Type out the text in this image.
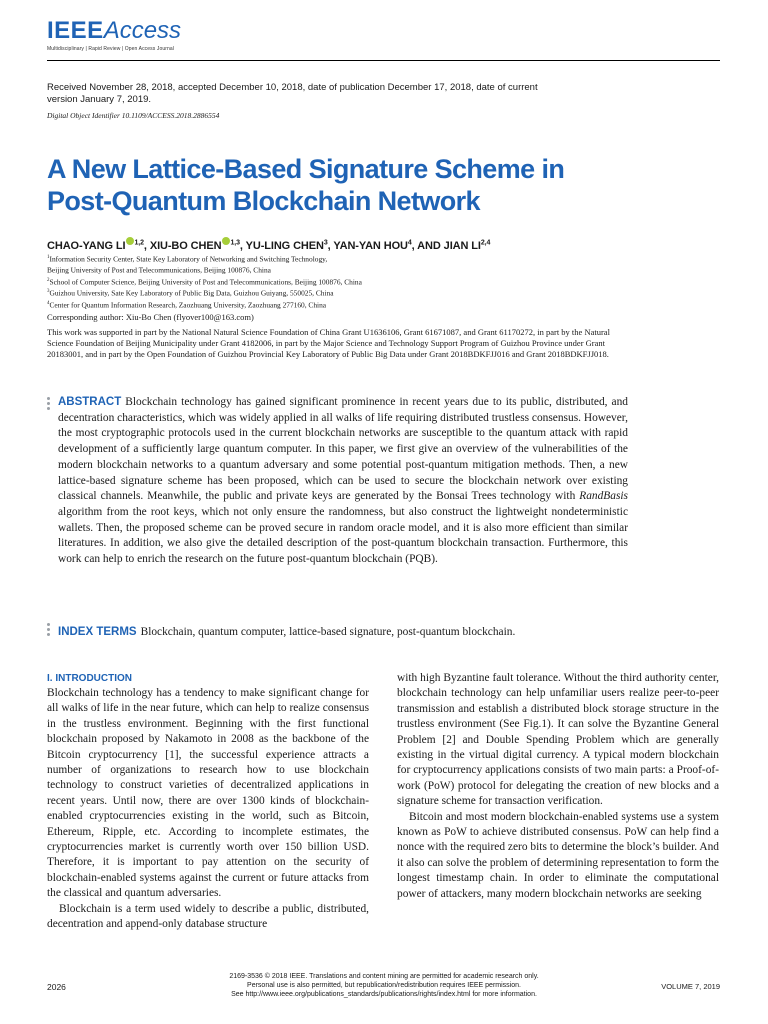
IEEEAccess
Multidisciplinary | Rapid Review | Open Access Journal
Received November 28, 2018, accepted December 10, 2018, date of publication December 17, 2018, date of current version January 7, 2019.
Digital Object Identifier 10.1109/ACCESS.2018.2886554
A New Lattice-Based Signature Scheme in
Post-Quantum Blockchain Network
CHAO-YANG LI $^{1,2}$, XIU-BO CHEN $^{1,3}$, YU-LING CHEN$^3$, YAN-YAN HOU$^4$, AND JIAN LI$^{2,4}$
$^1$Information Security Center, State Key Laboratory of Networking and Switching Technology,
Beijing University of Post and Telecommunications, Beijing 100876, China
$^2$School of Computer Science, Beijing University of Post and Telecommunications, Beijing 100876, China
$^3$Guizhou University, Sate Key Laboratory of Public Big Data, Guizhou Guiyang, 550025, China
$^4$Center for Quantum Information Research, Zaozhuang University, Zaozhuang 277160, China
Corresponding author: Xiu-Bo Chen (flyover100@163.com)
This work was supported in part by the National Natural Science Foundation of China Grant U1636106, Grant 61671087, and Grant 61170272, in part by the Natural Science Foundation of Beijing Municipality under Grant 4182006, in part by the Major Science and Technology Support Program of Guizhou Province under Grant 20183001, and in part by the Open Foundation of Guizhou Provincial Key Laboratory of Public Big Data under Grant 2018BDKFJJ016 and Grant 2018BDKFJJ018.
ABSTRACT Blockchain technology has gained significant prominence in recent years due to its public, distributed, and decentration characteristics, which was widely applied in all walks of life requiring distributed trustless consensus. However, the most cryptographic protocols used in the current blockchain networks are susceptible to the quantum attack with rapid development of a sufficiently large quantum computer. In this paper, we first give an overview of the vulnerabilities of the modern blockchain networks to a quantum adversary and some potential post-quantum mitigation methods. Then, a new lattice-based signature scheme has been proposed, which can be used to secure the blockchain network over existing classical channels. Meanwhile, the public and private keys are generated by the Bonsai Trees technology with RandBasis algorithm from the root keys, which not only ensure the randomness, but also construct the lightweight nondeterministic wallets. Then, the proposed scheme can be proved secure in random oracle model, and it is also more efficient than similar literatures. In addition, we also give the detailed description of the post-quantum blockchain transaction. Furthermore, this work can help to enrich the research on the future post-quantum blockchain (PQB).
INDEX TERMS Blockchain, quantum computer, lattice-based signature, post-quantum blockchain.
I. INTRODUCTION

Blockchain technology has a tendency to make significant change for all walks of life in the near future, which can help to realize consensus in the trustless environment. Beginning with the first functional blockchain proposed by Nakamoto in 2008 as the backbone of the Bitcoin cryptocurrency [1], the successful experience attracts a number of organizations to research how to use blockchain technology to construct varieties of decentralized applications in recent years. Until now, there are over 1300 kinds of blockchain-enabled cryptocurrencies existing in the world, such as Bitcoin, Ethereum, Ripple, etc. According to incomplete estimates, the cryptocurrencies market is currently worth over 150 billion USD. Therefore, it is important to pay attention on the security of blockchain-enabled systems against the current or future attacks from the classical and quantum adversaries.

Blockchain is a term used widely to describe a public, distributed, decentration and append-only database structure

with high Byzantine fault tolerance. Without the third authority center, blockchain technology can help unfamiliar users realize peer-to-peer transmission and establish a distributed block storage structure in the trustless environment (See Fig.1). It can solve the Byzantine General Problem [2] and Double Spending Problem which are generally existing in the virtual digital currency. A typical modern blockchain for cryptocurrency applications consists of two main parts: a Proof-of-work (PoW) protocol for delegating the creation of new blocks and a signature scheme for transaction verification.

Bitcoin and most modern blockchain-enabled systems use a system known as PoW to achieve distributed consensus. PoW can help find a nonce with the required zero bits to determine the block’s builder. And it also can solve the problem of determining representation to form the longest timestamp chain. In order to eliminate the computational power of attackers, many modern blockchain networks are seeking

2026
2169-3536 © 2018 IEEE. Translations and content mining are permitted for academic research only.
Personal use is also permitted, but republication/redistribution requires IEEE permission.
See http://www.ieee.org/publications_standards/publications/rights/index.html for more information.
VOLUME 7, 2019
